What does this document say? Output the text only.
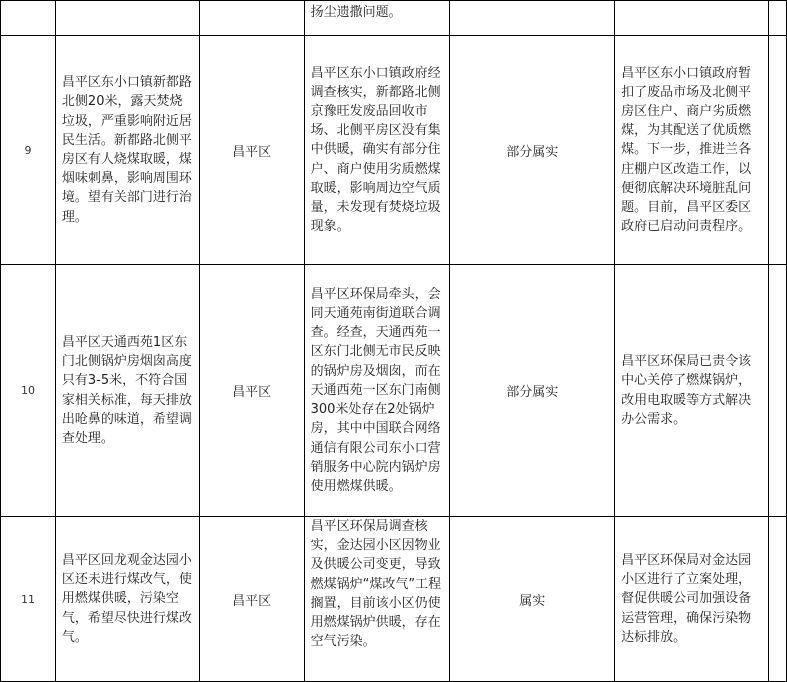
			扬尘遗撒问题。			

9	昌平区东小口镇新都路北侧20米，露天焚烧垃圾，严重影响附近居民生活。新都路北侧平房区有人烧煤取暖，煤烟味刺鼻，影响周围环境。望有关部门进行治理。	昌平区	昌平区东小口镇政府经调查核实，新都路北侧京豫旺发废品回收市场、北侧平房区没有集中供暖，确实有部分住户、商户使用劣质燃煤取暖，影响周边空气质量，未发现有焚烧垃圾现象。	部分属实	昌平区东小口镇政府暂扣了废品市场及北侧平房区住户、商户劣质燃煤，为其配送了优质燃煤。下一步，推进兰各庄棚户区改造工作，以便彻底解决环境脏乱问题。目前，昌平区委区政府已启动问责程序。	

10	昌平区天通西苑1区东门北侧锅炉房烟囱高度只有3-5米，不符合国家相关标准，每天排放出呛鼻的味道，希望调查处理。	昌平区	昌平区环保局牵头，会同天通苑南街道联合调查。经查，天通西苑一区东门北侧无市民反映的锅炉房及烟囱，而在天通西苑一区东门南侧300米处存在2处锅炉房，其中中国联合网络通信有限公司东小口营销服务中心院内锅炉房使用燃煤供暖。	部分属实	昌平区环保局已责令该中心关停了燃煤锅炉，改用电取暖等方式解决办公需求。	

11	昌平区回龙观金达园小区还未进行煤改气，使用燃煤供暖，污染空气，希望尽快进行煤改气。	昌平区	昌平区环保局调查核实，金达园小区因物业及供暖公司变更，导致燃煤锅炉“煤改气”工程搁置，目前该小区仍使用燃煤锅炉供暖，存在空气污染。	属实	昌平区环保局对金达园小区进行了立案处理，督促供暖公司加强设备运营管理，确保污染物达标排放。	
